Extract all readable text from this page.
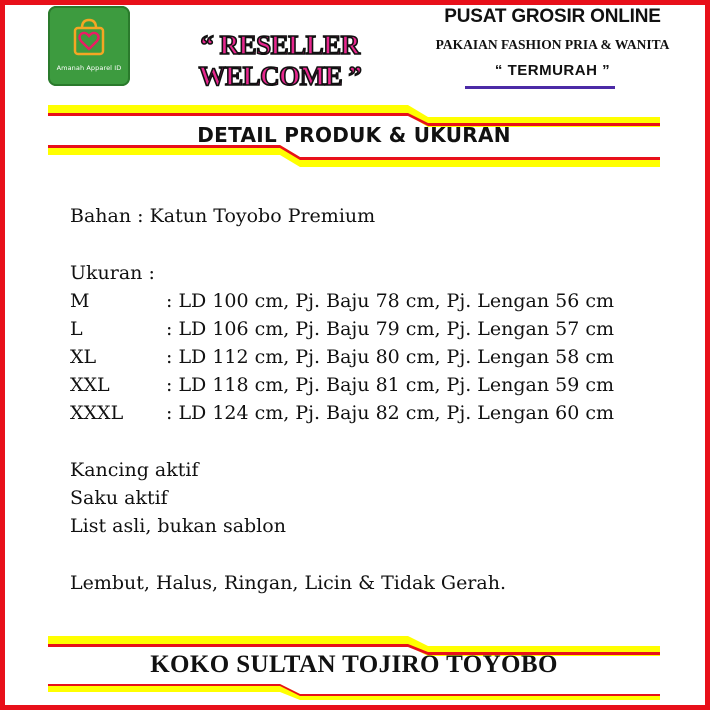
Amanah Apparel ID
“ RESELLER WELCOME ”
PUSAT GROSIR ONLINE
PAKAIAN FASHION PRIA & WANITA
“ TERMURAH ”
DETAIL PRODUK & UKURAN
Bahan : Katun Toyobo Premium
Ukuran :
M	: LD 100 cm, Pj. Baju 78 cm, Pj. Lengan 56 cm
L	: LD 106 cm, Pj. Baju 79 cm, Pj. Lengan 57 cm
XL	: LD 112 cm, Pj. Baju 80 cm, Pj. Lengan 58 cm
XXL	: LD 118 cm, Pj. Baju 81 cm, Pj. Lengan 59 cm
XXXL : LD 124 cm, Pj. Baju 82 cm, Pj. Lengan 60 cm
Kancing aktif
Saku aktif
List asli, bukan sablon
Lembut, Halus, Ringan, Licin & Tidak Gerah.
KOKO SULTAN TOJIRO TOYOBO
